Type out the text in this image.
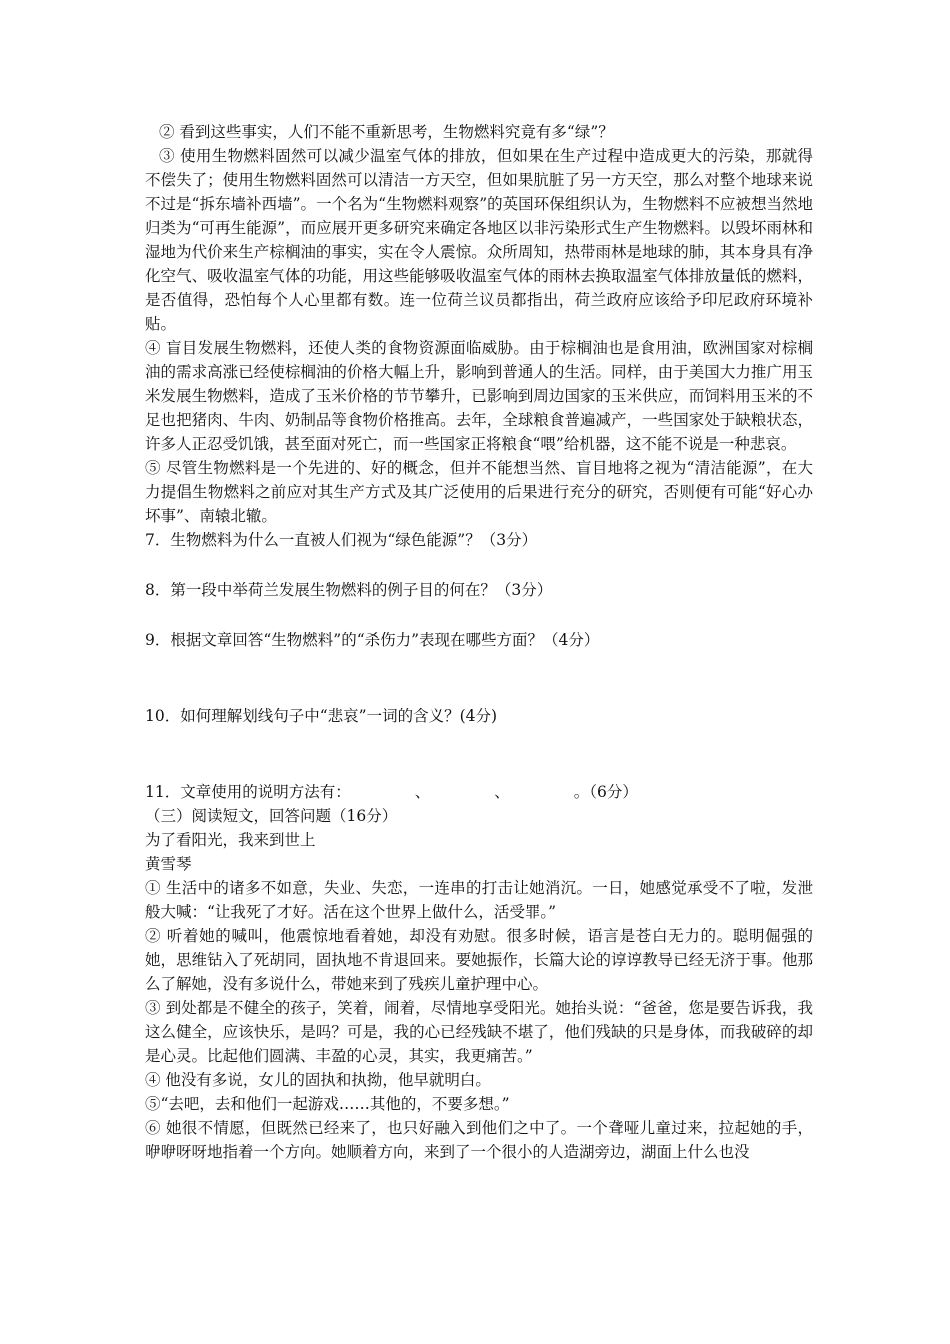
② 看到这些事实，人们不能不重新思考，生物燃料究竟有多“绿”？

③ 使用生物燃料固然可以减少温室气体的排放，但如果在生产过程中造成更大的污染，那就得不偿失了；使用生物燃料固然可以清洁一方天空，但如果肮脏了另一方天空，那么对整个地球来说不过是“拆东墙补西墙”。一个名为“生物燃料观察”的英国环保组织认为，生物燃料不应被想当然地归类为“可再生能源”，而应展开更多研究来确定各地区以非污染形式生产生物燃料。以毁坏雨林和湿地为代价来生产棕榈油的事实，实在令人震惊。众所周知，热带雨林是地球的肺，其本身具有净化空气、吸收温室气体的功能，用这些能够吸收温室气体的雨林去换取温室气体排放量低的燃料，是否值得，恐怕每个人心里都有数。连一位荷兰议员都指出，荷兰政府应该给予印尼政府环境补贴。

④ 盲目发展生物燃料，还使人类的食物资源面临威胁。由于棕榈油也是食用油，欧洲国家对棕榈油的需求高涨已经使棕榈油的价格大幅上升，影响到普通人的生活。同样，由于美国大力推广用玉米发展生物燃料，造成了玉米价格的节节攀升，已影响到周边国家的玉米供应，而饲料用玉米的不足也把猪肉、牛肉、奶制品等食物价格推高。去年，全球粮食普遍减产，一些国家处于缺粮状态，许多人正忍受饥饿，甚至面对死亡，而一些国家正将粮食“喂”给机器，这不能不说是一种悲哀。

⑤ 尽管生物燃料是一个先进的、好的概念，但并不能想当然、盲目地将之视为“清洁能源”，在大力提倡生物燃料之前应对其生产方式及其广泛使用的后果进行充分的研究，否则便有可能“好心办坏事”、南辕北辙。

7．生物燃料为什么一直被人们视为“绿色能源”？（3分）

8．第一段中举荷兰发展生物燃料的例子目的何在？（3分）

9．根据文章回答“生物燃料”的“杀伤力”表现在哪些方面？（4分）

10．如何理解划线句子中“悲哀”一词的含义？(4分)

11．文章使用的说明方法有：	、	、	。（6分）

（三）阅读短文，回答问题（16分）

为了看阳光，我来到世上

黄雪琴

① 生活中的诸多不如意，失业、失恋，一连串的打击让她消沉。一日，她感觉承受不了啦，发泄般大喊：“让我死了才好。活在这个世界上做什么，活受罪。”

② 听着她的喊叫，他震惊地看着她，却没有劝慰。很多时候，语言是苍白无力的。聪明倔强的她，思维钻入了死胡同，固执地不肯退回来。要她振作，长篇大论的谆谆教导已经无济于事。他那么了解她，没有多说什么，带她来到了残疾儿童护理中心。

③ 到处都是不健全的孩子，笑着，闹着，尽情地享受阳光。她抬头说：“爸爸，您是要告诉我，我这么健全，应该快乐，是吗？可是，我的心已经残缺不堪了，他们残缺的只是身体，而我破碎的却是心灵。比起他们圆满、丰盈的心灵，其实，我更痛苦。”

④ 他没有多说，女儿的固执和执拗，他早就明白。

⑤“去吧，去和他们一起游戏……其他的，不要多想。”

⑥ 她很不情愿，但既然已经来了，也只好融入到他们之中了。一个聋哑儿童过来，拉起她的手，咿咿呀呀地指着一个方向。她顺着方向，来到了一个很小的人造湖旁边，湖面上什么也没
